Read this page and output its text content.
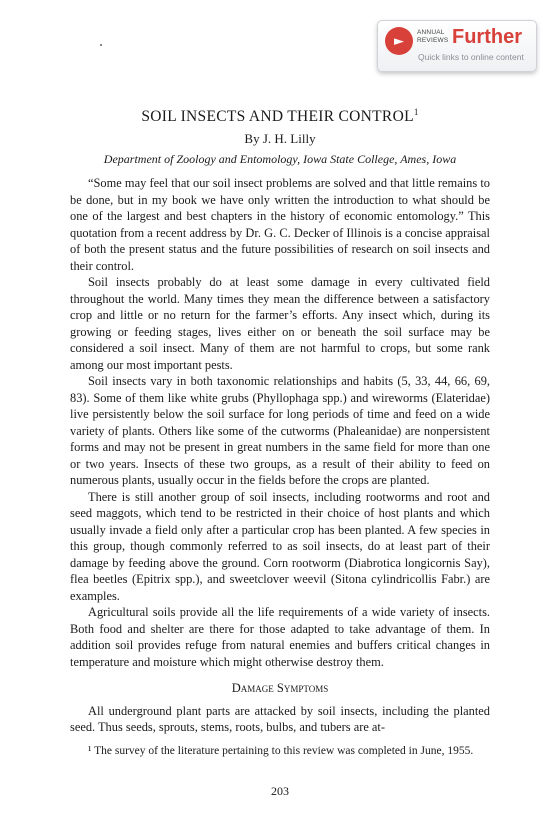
►
ANNUAL
REVIEWS Further
Quick links to online content
SOIL INSECTS AND THEIR CONTROL$^1$
By J. H. Lilly
Department of Zoology and Entomology, Iowa State College, Ames, Iowa

“Some may feel that our soil insect problems are solved and that little remains to be done, but in my book we have only written the introduction to what should be one of the largest and best chapters in the history of economic entomology.” This quotation from a recent address by Dr. G. C. Decker of Illinois is a concise appraisal of both the present status and the future possibilities of research on soil insects and their control.

Soil insects probably do at least some damage in every cultivated field throughout the world. Many times they mean the difference between a satisfactory crop and little or no return for the farmer’s efforts. Any insect which, during its growing or feeding stages, lives either on or beneath the soil surface may be considered a soil insect. Many of them are not harmful to crops, but some rank among our most important pests.

Soil insects vary in both taxonomic relationships and habits (5, 33, 44, 66, 69, 83). Some of them like white grubs (Phyllophaga spp.) and wireworms (Elateridae) live persistently below the soil surface for long periods of time and feed on a wide variety of plants. Others like some of the cutworms (Phaleanidae) are nonpersistent forms and may not be present in great numbers in the same field for more than one or two years. Insects of these two groups, as a result of their ability to feed on numerous plants, usually occur in the fields before the crops are planted.

There is still another group of soil insects, including rootworms and root and seed maggots, which tend to be restricted in their choice of host plants and which usually invade a field only after a particular crop has been planted. A few species in this group, though commonly referred to as soil insects, do at least part of their damage by feeding above the ground. Corn rootworm (Diabrotica longicornis Say), flea beetles (Epitrix spp.), and sweetclover weevil (Sitona cylindricollis Fabr.) are examples.

Agricultural soils provide all the life requirements of a wide variety of insects. Both food and shelter are there for those adapted to take advantage of them. In addition soil provides refuge from natural enemies and buffers critical changes in temperature and moisture which might otherwise destroy them.

Damage Symptoms

All underground plant parts are attacked by soil insects, including the planted seed. Thus seeds, sprouts, stems, roots, bulbs, and tubers are at-

¹ The survey of the literature pertaining to this review was completed in June, 1955.
203
